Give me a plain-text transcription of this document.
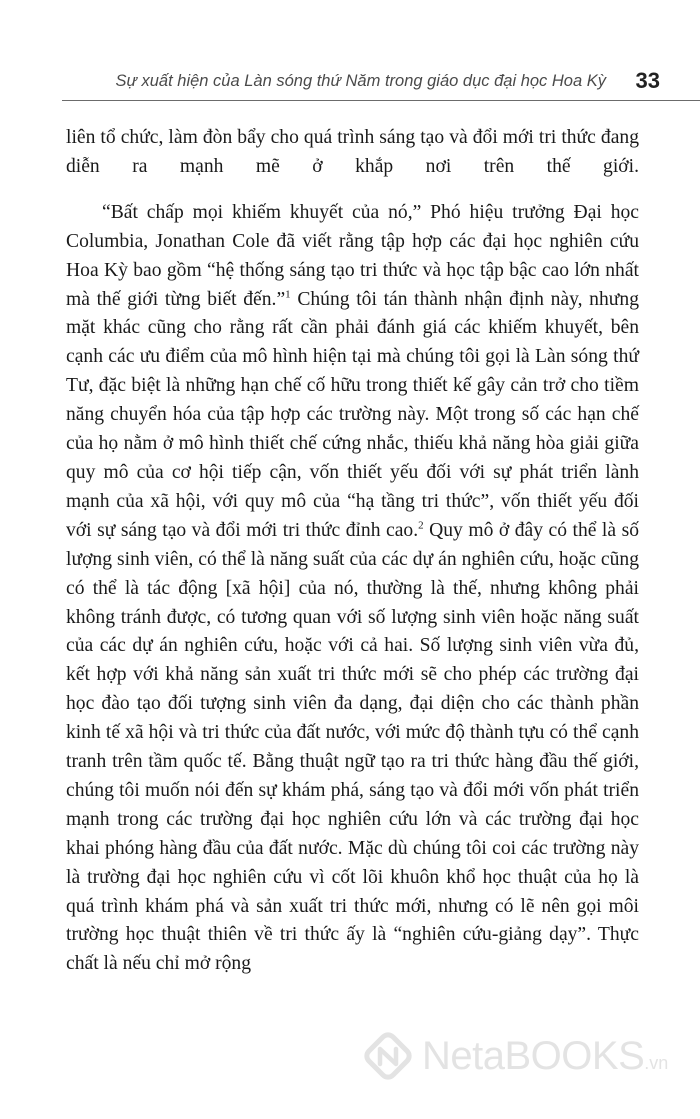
Sự xuất hiện của Làn sóng thứ Năm trong giáo dục đại học Hoa Kỳ 33

liên tổ chức, làm đòn bẩy cho quá trình sáng tạo và đổi mới tri thức đang diễn ra mạnh mẽ ở khắp nơi trên thế giới.

“Bất chấp mọi khiếm khuyết của nó,” Phó hiệu trưởng Đại học Columbia, Jonathan Cole đã viết rằng tập hợp các đại học nghiên cứu Hoa Kỳ bao gồm “hệ thống sáng tạo tri thức và học tập bậc cao lớn nhất mà thế giới từng biết đến.”$^1$ Chúng tôi tán thành nhận định này, nhưng mặt khác cũng cho rằng rất cần phải đánh giá các khiếm khuyết, bên cạnh các ưu điểm của mô hình hiện tại mà chúng tôi gọi là Làn sóng thứ Tư, đặc biệt là những hạn chế cố hữu trong thiết kế gây cản trở cho tiềm năng chuyển hóa của tập hợp các trường này. Một trong số các hạn chế của họ nằm ở mô hình thiết chế cứng nhắc, thiếu khả năng hòa giải giữa quy mô của cơ hội tiếp cận, vốn thiết yếu đối với sự phát triển lành mạnh của xã hội, với quy mô của “hạ tầng tri thức”, vốn thiết yếu đối với sự sáng tạo và đổi mới tri thức đỉnh cao.$^2$ Quy mô ở đây có thể là số lượng sinh viên, có thể là năng suất của các dự án nghiên cứu, hoặc cũng có thể là tác động [xã hội] của nó, thường là thế, nhưng không phải không tránh được, có tương quan với số lượng sinh viên hoặc năng suất của các dự án nghiên cứu, hoặc với cả hai. Số lượng sinh viên vừa đủ, kết hợp với khả năng sản xuất tri thức mới sẽ cho phép các trường đại học đào tạo đối tượng sinh viên đa dạng, đại diện cho các thành phần kinh tế xã hội và tri thức của đất nước, với mức độ thành tựu có thể cạnh tranh trên tầm quốc tế. Bằng thuật ngữ tạo ra tri thức hàng đầu thế giới, chúng tôi muốn nói đến sự khám phá, sáng tạo và đổi mới vốn phát triển mạnh trong các trường đại học nghiên cứu lớn và các trường đại học khai phóng hàng đầu của đất nước. Mặc dù chúng tôi coi các trường này là trường đại học nghiên cứu vì cốt lõi khuôn khổ học thuật của họ là quá trình khám phá và sản xuất tri thức mới, nhưng có lẽ nên gọi môi trường học thuật thiên về tri thức ấy là “nghiên cứu-giảng dạy”. Thực chất là nếu chỉ mở rộng

NetaBOOKS.vn
